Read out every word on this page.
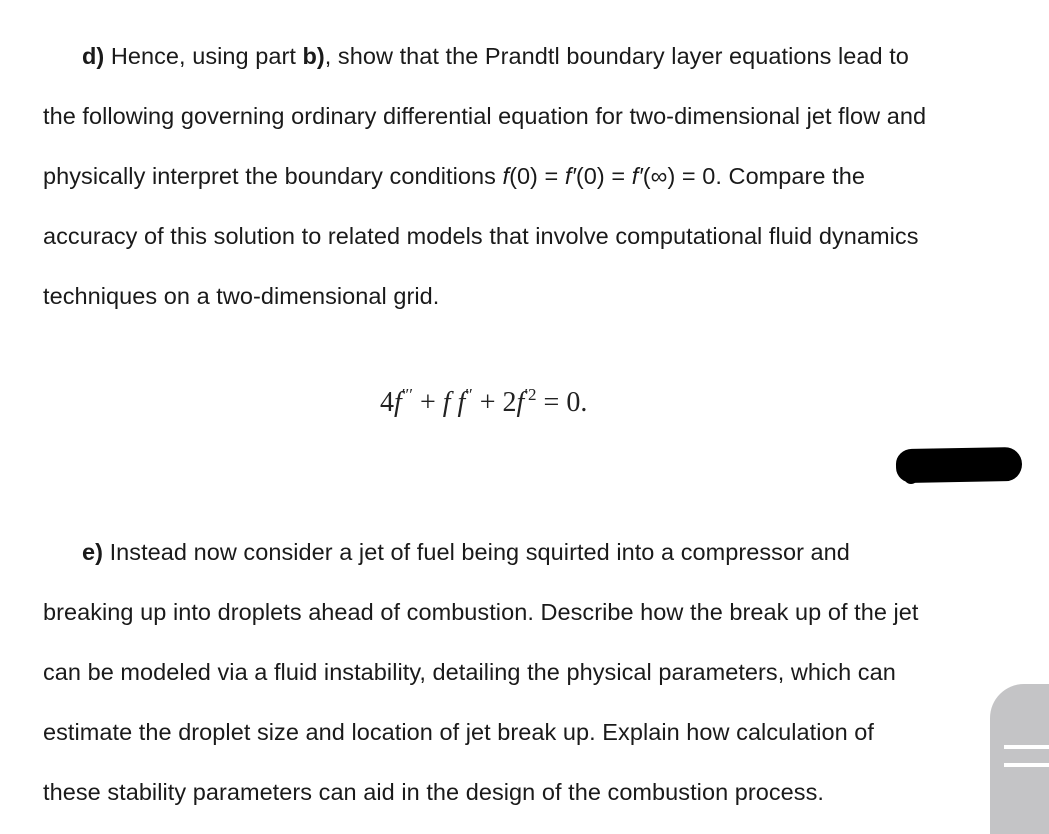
d) Hence, using part b), show that the Prandtl boundary layer equations lead to
the following governing ordinary differential equation for two-dimensional jet flow and
physically interpret the boundary conditions f(0) = f′(0) = f′(∞) = 0. Compare the
accuracy of this solution to related models that involve computational fluid dynamics
techniques on a two-dimensional grid.
4f′′′ + f $f'' + 2f^{'2} = 0$.
e) Instead now consider a jet of fuel being squirted into a compressor and
breaking up into droplets ahead of combustion. Describe how the break up of the jet
can be modeled via a fluid instability, detailing the physical parameters, which can
estimate the droplet size and location of jet break up. Explain how calculation of
these stability parameters can aid in the design of the combustion process.
